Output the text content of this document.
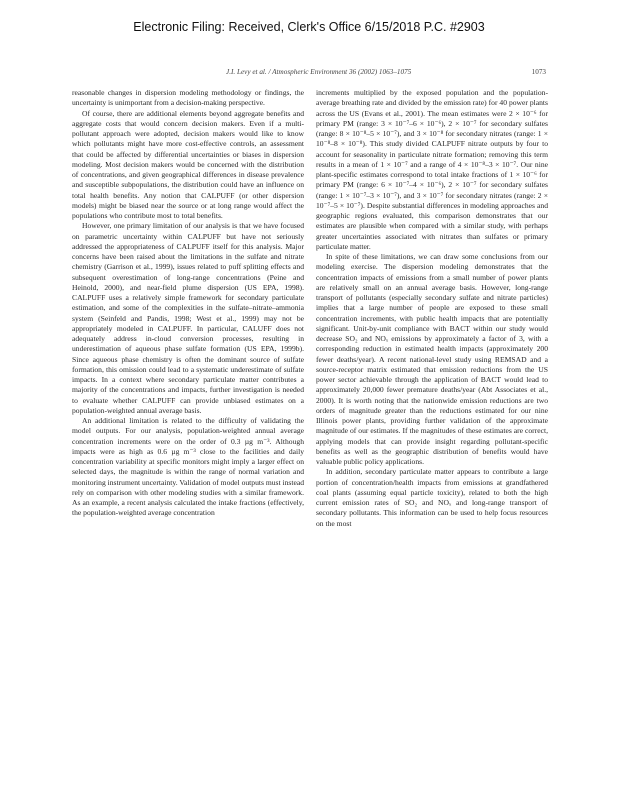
Electronic Filing: Received, Clerk's Office 6/15/2018 P.C. #2903
J.I. Levy et al. / Atmospheric Environment 36 (2002) 1063–1075	1073

reasonable changes in dispersion modeling methodology or findings, the uncertainty is unimportant from a decision-making perspective.

Of course, there are additional elements beyond aggregate benefits and aggregate costs that would concern decision makers. Even if a multi-pollutant approach were adopted, decision makers would like to know which pollutants might have more cost-effective controls, an assessment that could be affected by differential uncertainties or biases in dispersion modeling. Most decision makers would be concerned with the distribution of concentrations, and given geographical differences in disease prevalence and susceptible subpopulations, the distribution could have an influence on total health benefits. Any notion that CALPUFF (or other dispersion models) might be biased near the source or at long range would affect the populations who contribute most to total benefits.

However, one primary limitation of our analysis is that we have focused on parametric uncertainty within CALPUFF but have not seriously addressed the appropriateness of CALPUFF itself for this analysis. Major concerns have been raised about the limitations in the sulfate and nitrate chemistry (Garrison et al., 1999), issues related to puff splitting effects and subsequent overestimation of long-range concentrations (Peine and Heinold, 2000), and near-field plume dispersion (US EPA, 1998). CALPUFF uses a relatively simple framework for secondary particulate estimation, and some of the complexities in the sulfate–nitrate–ammonia system (Seinfeld and Pandis, 1998; West et al., 1999) may not be appropriately modeled in CALPUFF. In particular, CALUFF does not adequately address in-cloud conversion processes, resulting in underestimation of aqueous phase sulfate formation (US EPA, 1999b). Since aqueous phase chemistry is often the dominant source of sulfate formation, this omission could lead to a systematic underestimate of sulfate impacts. In a context where secondary particulate matter contributes a majority of the concentrations and impacts, further investigation is needed to evaluate whether CALPUFF can provide unbiased estimates on a population-weighted annual average basis.

An additional limitation is related to the difficulty of validating the model outputs. For our analysis, population-weighted annual average concentration increments were on the order of 0.3 µg m⁻³. Although impacts were as high as 0.6 µg m⁻³ close to the facilities and daily concentration variability at specific monitors might imply a larger effect on selected days, the magnitude is within the range of normal variation and monitoring instrument uncertainty. Validation of model outputs must instead rely on comparison with other modeling studies with a similar framework. As an example, a recent analysis calculated the intake fractions (effectively, the population-weighted average concentration

increments multiplied by the exposed population and the population-average breathing rate and divided by the emission rate) for 40 power plants across the US (Evans et al., 2001). The mean estimates were 2 × 10⁻⁶ for primary PM (range: 3 × 10⁻⁷–6 × 10⁻⁶), 2 × 10⁻⁷ for secondary sulfates (range: 8 × 10⁻⁸–5 × 10⁻⁷), and 3 × 10⁻⁸ for secondary nitrates (range: 1 × 10⁻⁸–8 × 10⁻⁸). This study divided CALPUFF nitrate outputs by four to account for seasonality in particulate nitrate formation; removing this term results in a mean of 1 × 10⁻⁷ and a range of 4 × 10⁻⁸–3 × 10⁻⁷. Our nine plant-specific estimates correspond to total intake fractions of 1 × 10⁻⁶ for primary PM (range: 6 × 10⁻⁷–4 × 10⁻⁶), 2 × 10⁻⁷ for secondary sulfates (range: 1 × 10⁻⁷–3 × 10⁻⁷), and 3 × 10⁻⁷ for secondary nitrates (range: 2 × 10⁻⁷–5 × 10⁻⁷). Despite substantial differences in modeling approaches and geographic regions evaluated, this comparison demonstrates that our estimates are plausible when compared with a similar study, with perhaps greater uncertainties associated with nitrates than sulfates or primary particulate matter.

In spite of these limitations, we can draw some conclusions from our modeling exercise. The dispersion modeling demonstrates that the concentration impacts of emissions from a small number of power plants are relatively small on an annual average basis. However, long-range transport of pollutants (especially secondary sulfate and nitrate particles) implies that a large number of people are exposed to these small concentration increments, with public health impacts that are potentially significant. Unit-by-unit compliance with BACT within our study would decrease SO₂ and NOₓ emissions by approximately a factor of 3, with a corresponding reduction in estimated health impacts (approximately 200 fewer deaths/year). A recent national-level study using REMSAD and a source-receptor matrix estimated that emission reductions from the US power sector achievable through the application of BACT would lead to approximately 20,000 fewer premature deaths/year (Abt Associates et al., 2000). It is worth noting that the nationwide emission reductions are two orders of magnitude greater than the reductions estimated for our nine Illinois power plants, providing further validation of the approximate magnitude of our estimates. If the magnitudes of these estimates are correct, applying models that can provide insight regarding pollutant-specific benefits as well as the geographic distribution of benefits would have valuable public policy applications.

In addition, secondary particulate matter appears to contribute a large portion of concentration/health impacts from emissions at grandfathered coal plants (assuming equal particle toxicity), related to both the high current emission rates of SO₂ and NOₓ and long-range transport of secondary pollutants. This information can be used to help focus resources on the most
